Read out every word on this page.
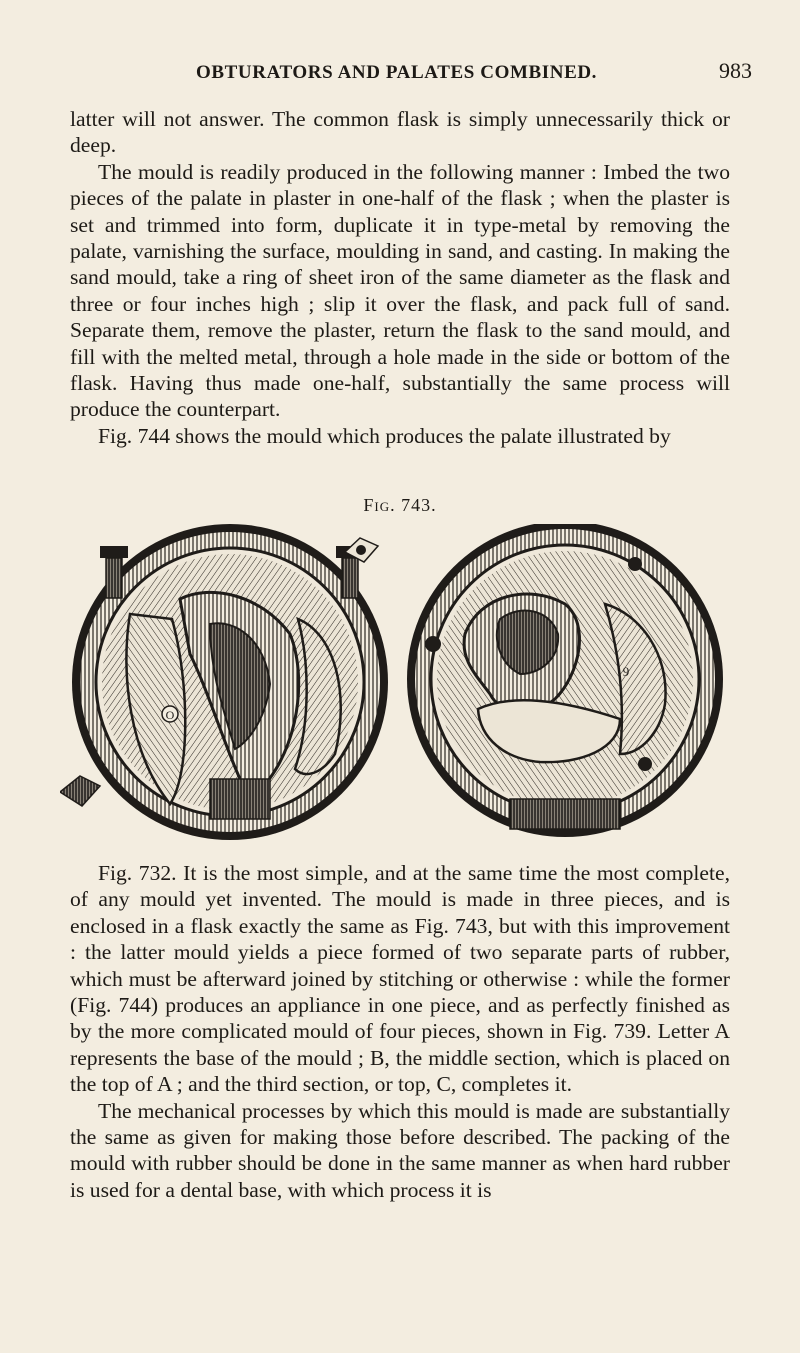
OBTURATORS AND PALATES COMBINED.	983

latter will not answer. The common flask is simply unnecessarily thick or deep.

The mould is readily produced in the following manner : Imbed the two pieces of the palate in plaster in one-half of the flask ; when the plaster is set and trimmed into form, duplicate it in type-metal by removing the palate, varnishing the surface, moulding in sand, and casting. In making the sand mould, take a ring of sheet iron of the same diameter as the flask and three or four inches high ; slip it over the flask, and pack full of sand. Separate them, remove the plaster, return the flask to the sand mould, and fill with the melted metal, through a hole made in the side or bottom of the flask. Having thus made one-half, substantially the same process will produce the counterpart.

Fig. 744 shows the mould which produces the palate illustrated by

Fig. 743.
O
9

Fig. 732. It is the most simple, and at the same time the most complete, of any mould yet invented. The mould is made in three pieces, and is enclosed in a flask exactly the same as Fig. 743, but with this improvement : the latter mould yields a piece formed of two separate parts of rubber, which must be afterward joined by stitching or otherwise : while the former (Fig. 744) produces an appliance in one piece, and as perfectly finished as by the more complicated mould of four pieces, shown in Fig. 739. Letter A represents the base of the mould ; B, the middle section, which is placed on the top of A ; and the third section, or top, C, completes it.

The mechanical processes by which this mould is made are substantially the same as given for making those before described. The packing of the mould with rubber should be done in the same manner as when hard rubber is used for a dental base, with which process it is
